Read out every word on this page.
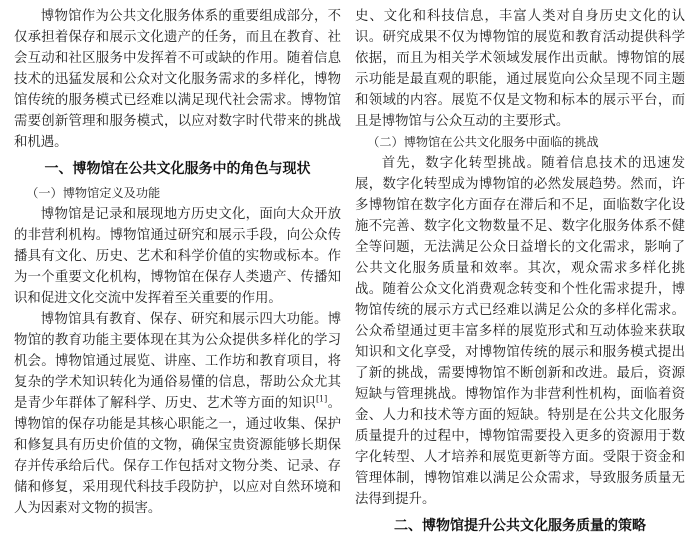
博物馆作为公共文化服务体系的重要组成部分，不仅承担着保存和展示文化遗产的任务，而且在教育、社会互动和社区服务中发挥着不可或缺的作用。随着信息技术的迅猛发展和公众对文化服务需求的多样化，博物馆传统的服务模式已经难以满足现代社会需求。博物馆需要创新管理和服务模式，以应对数字时代带来的挑战和机遇。

一、博物馆在公共文化服务中的角色与现状
（一）博物馆定义及功能

博物馆是记录和展现地方历史文化，面向大众开放的非营利机构。博物馆通过研究和展示手段，向公众传播具有文化、历史、艺术和科学价值的实物或标本。作为一个重要文化机构，博物馆在保存人类遗产、传播知识和促进文化交流中发挥着至关重要的作用。

博物馆具有教育、保存、研究和展示四大功能。博物馆的教育功能主要体现在其为公众提供多样化的学习机会。博物馆通过展览、讲座、工作坊和教育项目，将复杂的学术知识转化为通俗易懂的信息，帮助公众尤其是青少年群体了解科学、历史、艺术等方面的知识[1]。博物馆的保存功能是其核心职能之一，通过收集、保护和修复具有历史价值的文物，确保宝贵资源能够长期保存并传承给后代。保存工作包括对文物分类、记录、存储和修复，采用现代科技手段防护，以应对自然环境和人为因素对文物的损害。

史、文化和科技信息，丰富人类对自身历史文化的认识。研究成果不仅为博物馆的展览和教育活动提供科学依据，而且为相关学术领域发展作出贡献。博物馆的展示功能是最直观的职能，通过展览向公众呈现不同主题和领域的内容。展览不仅是文物和标本的展示平台，而且是博物馆与公众互动的主要形式。

（二）博物馆在公共文化服务中面临的挑战

首先，数字化转型挑战。随着信息技术的迅速发展，数字化转型成为博物馆的必然发展趋势。然而，许多博物馆在数字化方面存在滞后和不足，面临数字化设施不完善、数字化文物数量不足、数字化服务体系不健全等问题，无法满足公众日益增长的文化需求，影响了公共文化服务质量和效率。其次，观众需求多样化挑战。随着公众文化消费观念转变和个性化需求提升，博物馆传统的展示方式已经难以满足公众的多样化需求。公众希望通过更丰富多样的展览形式和互动体验来获取知识和文化享受，对博物馆传统的展示和服务模式提出了新的挑战，需要博物馆不断创新和改进。最后，资源短缺与管理挑战。博物馆作为非营利性机构，面临着资金、人力和技术等方面的短缺。特别是在公共文化服务质量提升的过程中，博物馆需要投入更多的资源用于数字化转型、人才培养和展览更新等方面。受限于资金和管理体制，博物馆难以满足公众需求，导致服务质量无法得到提升。

二、博物馆提升公共文化服务质量的策略
